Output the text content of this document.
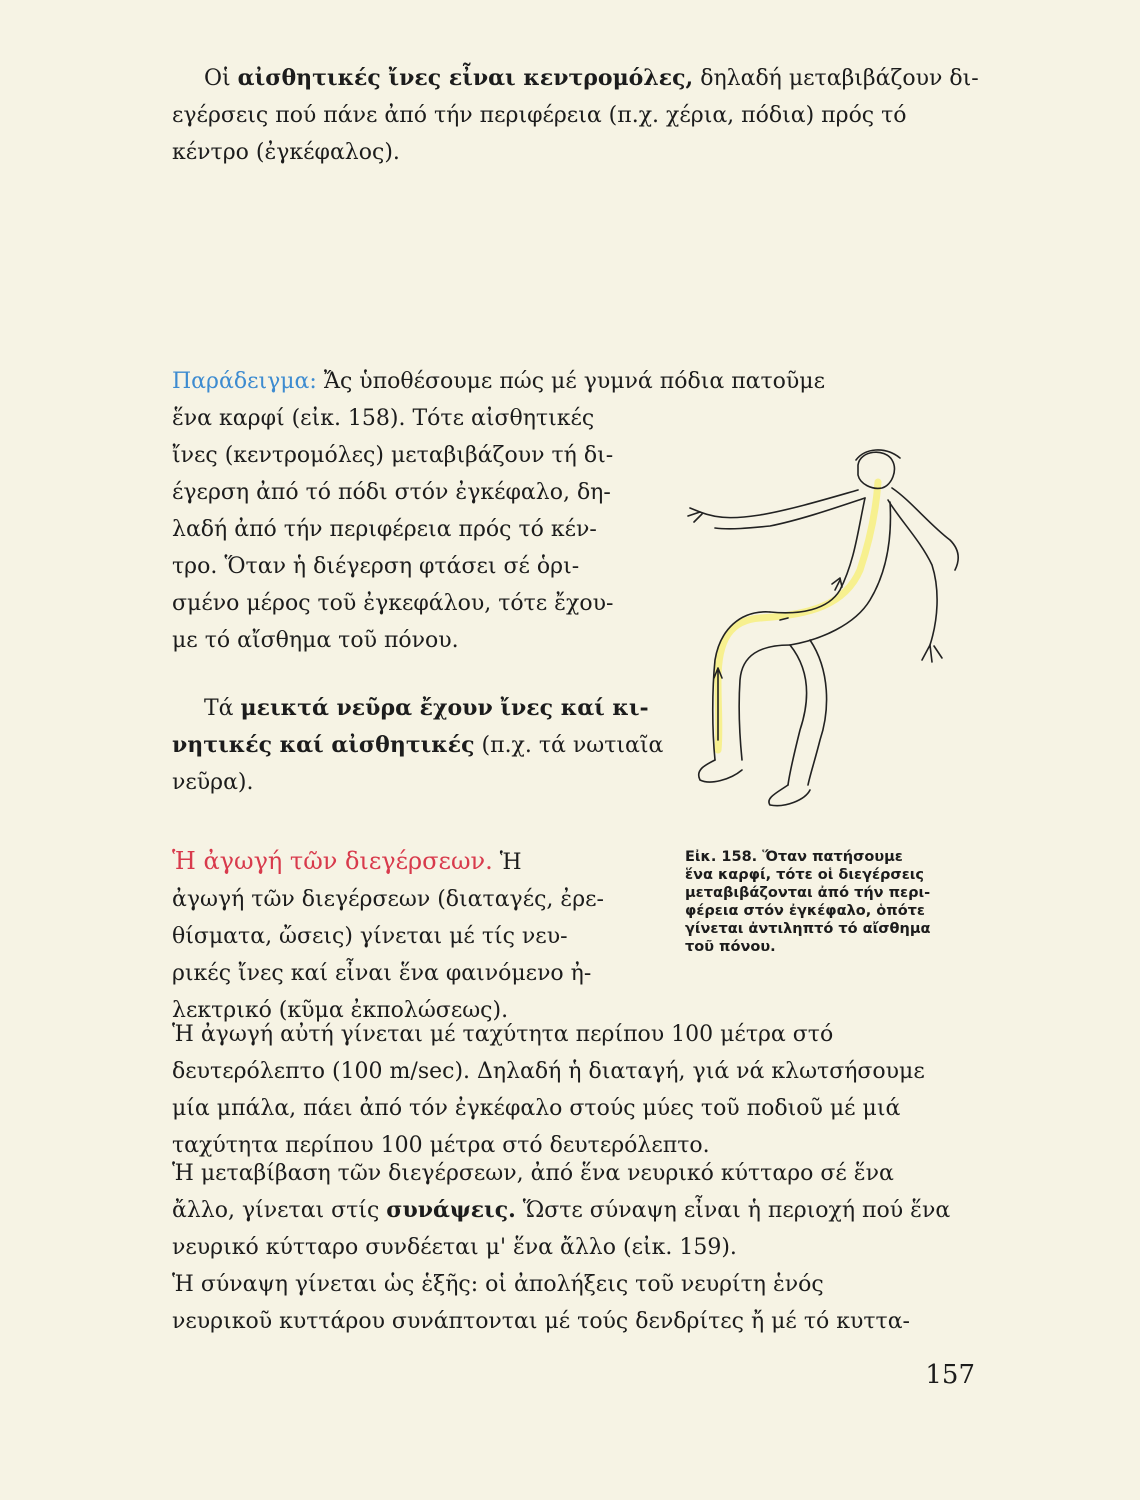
Οἱ αἰσθητικές ἴνες εἶναι κεντρομόλες, δηλαδή μεταβιβάζουν δι-
εγέρσεις πού πάνε ἀπό τήν περιφέρεια (π.χ. χέρια, πόδια) πρός τό
κέντρο (ἐγκέφαλος).
Παράδειγμα: Ἄς ὑποθέσουμε πώς μέ γυμνά πόδια πατοῦμε
ἕνα καρφί (εἰκ. 158). Τότε αἰσθητικές
ἴνες (κεντρομόλες) μεταβιβάζουν τή δι-
έγερση ἀπό τό πόδι στόν ἐγκέφαλο, δη-
λαδή ἀπό τήν περιφέρεια πρός τό κέν-
τρο. Ὅταν ἡ διέγερση φτάσει σέ ὁρι-
σμένο μέρος τοῦ ἐγκεφάλου, τότε ἔχου-
με τό αἴσθημα τοῦ πόνου.
Τά μεικτά νεῦρα ἔχουν ἴνες καί κι-
νητικές καί αἰσθητικές (π.χ. τά νωτιαῖα
νεῦρα).
Ἡ ἀγωγή τῶν διεγέρσεων. Ἡ
ἀγωγή τῶν διεγέρσεων (διαταγές, ἐρε-
θίσματα, ὤσεις) γίνεται μέ τίς νευ-
ρικές ἴνες καί εἶναι ἕνα φαινόμενο ἠ-
λεκτρικό (κῦμα ἐκπολώσεως).
Ἡ ἀγωγή αὐτή γίνεται μέ ταχύτητα περίπου 100 μέτρα στό
δευτερόλεπτο (100 m/sec). Δηλαδή ἡ διαταγή, γιά νά κλωτσήσουμε
μία μπάλα, πάει ἀπό τόν ἐγκέφαλο στούς μύες τοῦ ποδιοῦ μέ μιά
ταχύτητα περίπου 100 μέτρα στό δευτερόλεπτο.
Ἡ μεταβίβαση τῶν διεγέρσεων, ἀπό ἕνα νευρικό κύτταρο σέ ἕνα
ἄλλο, γίνεται στίς συνάψεις. Ὥστε σύναψη εἶναι ἡ περιοχή πού ἕνα
νευρικό κύτταρο συνδέεται μ' ἕνα ἄλλο (εἰκ. 159).
Ἡ σύναψη γίνεται ὡς ἑξῆς: οἱ ἀπολήξεις τοῦ νευρίτη ἑνός
νευρικοῦ κυττάρου συνάπτονται μέ τούς δενδρίτες ἤ μέ τό κυττα-
Εἰκ. 158. Ὅταν πατήσουμε
ἕνα καρφί, τότε οἱ διεγέρσεις
μεταβιβάζονται ἀπό τήν περι-
φέρεια στόν ἐγκέφαλο, ὁπότε
γίνεται ἀντιληπτό τό αἴσθημα
τοῦ πόνου.
157
